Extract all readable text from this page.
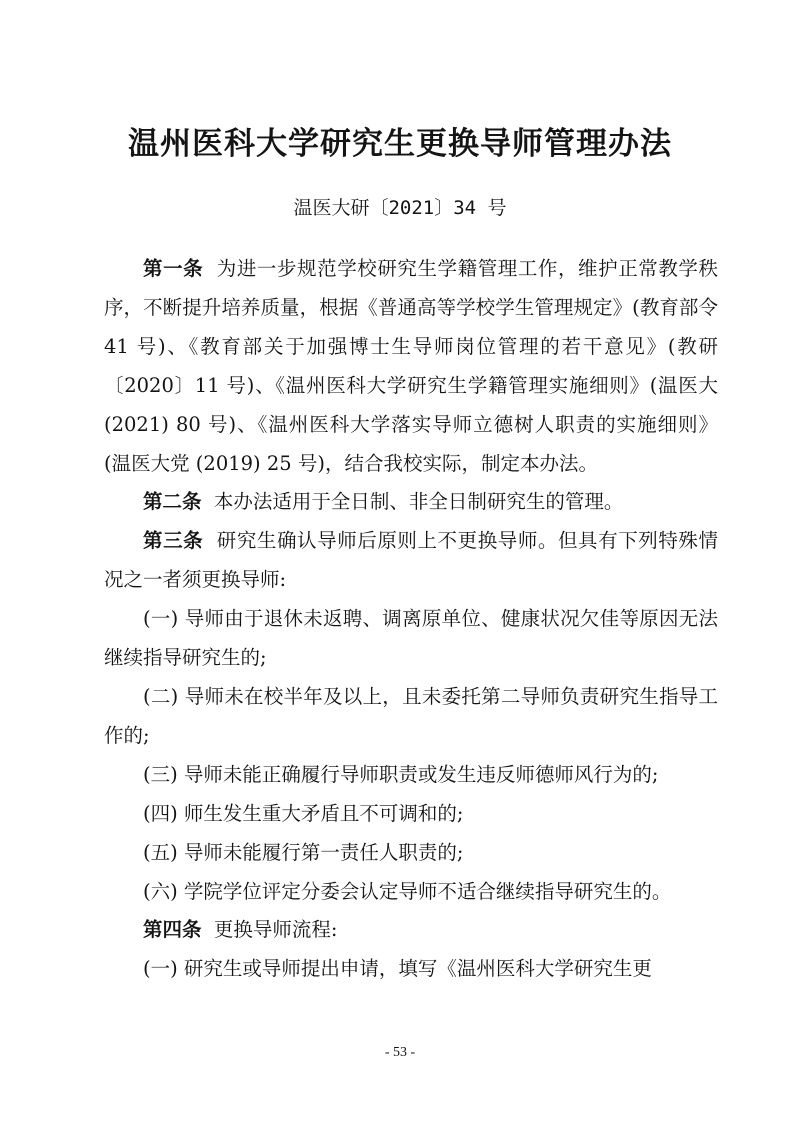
温州医科大学研究生更换导师管理办法
温医大研〔2021〕34 号

第一条 为进一步规范学校研究生学籍管理工作，维护正常教学秩序，不断提升培养质量，根据《普通高等学校学生管理规定》(教育部令 41 号)、《教育部关于加强博士生导师岗位管理的若干意见》(教研〔2020〕11 号)、《温州医科大学研究生学籍管理实施细则》(温医大 (2021) 80 号)、《温州医科大学落实导师立德树人职责的实施细则》(温医大党 (2019) 25 号)，结合我校实际，制定本办法。

第二条 本办法适用于全日制、非全日制研究生的管理。

第三条 研究生确认导师后原则上不更换导师。但具有下列特殊情况之一者须更换导师:

(一) 导师由于退休未返聘、调离原单位、健康状况欠佳等原因无法继续指导研究生的;

(二) 导师未在校半年及以上，且未委托第二导师负责研究生指导工作的;

(三) 导师未能正确履行导师职责或发生违反师德师风行为的;

(四) 师生发生重大矛盾且不可调和的;

(五) 导师未能履行第一责任人职责的;

(六) 学院学位评定分委会认定导师不适合继续指导研究生的。

第四条 更换导师流程:

(一) 研究生或导师提出申请，填写《温州医科大学研究生更

- 53 -
